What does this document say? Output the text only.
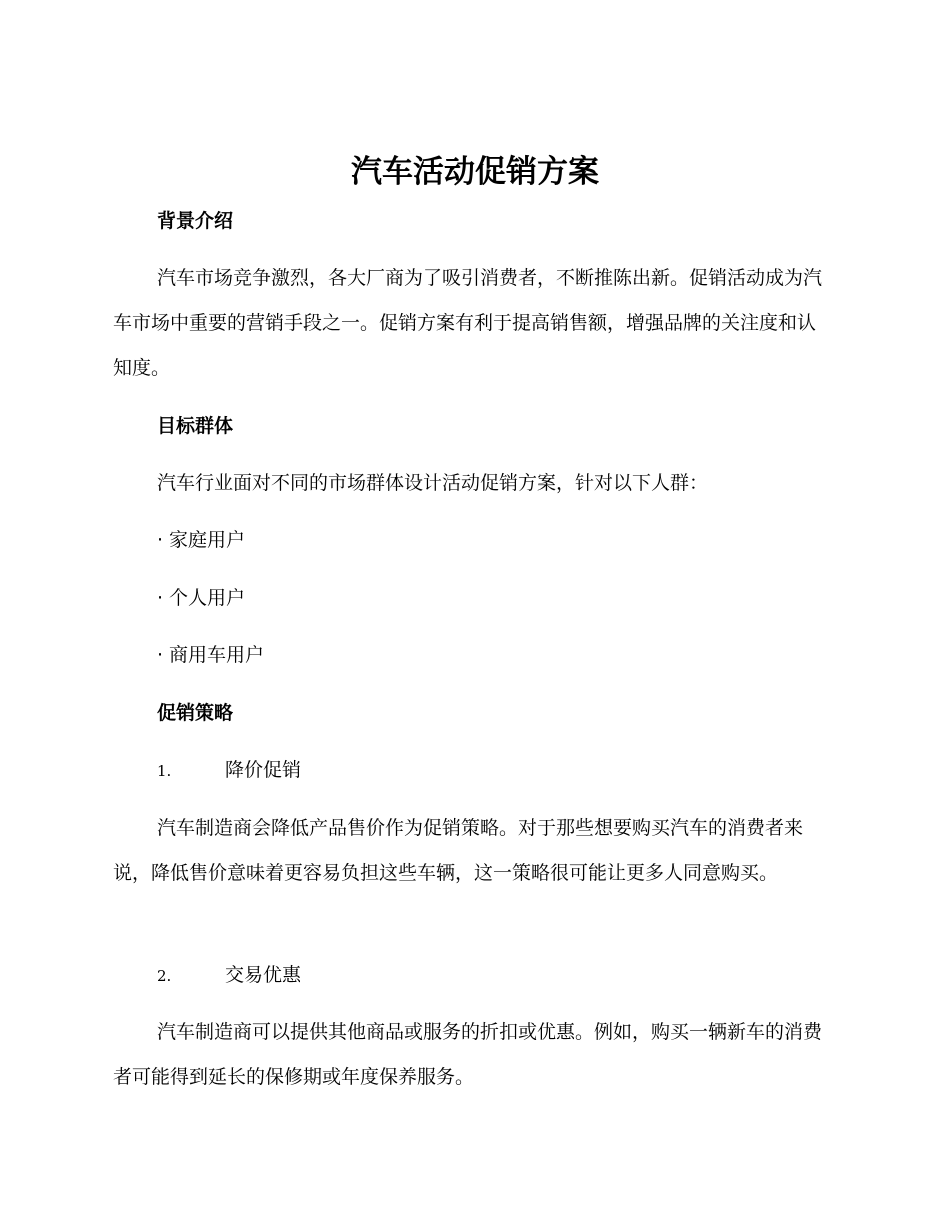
汽车活动促销方案
背景介绍

汽车市场竞争激烈，各大厂商为了吸引消费者，不断推陈出新。促销活动成为汽车市场中重要的营销手段之一。促销方案有利于提高销售额，增强品牌的关注度和认知度。

目标群体

汽车行业面对不同的市场群体设计活动促销方案，针对以下人群：

· 家庭用户

· 个人用户

· 商用车用户

促销策略
1.	降价促销

汽车制造商会降低产品售价作为促销策略。对于那些想要购买汽车的消费者来说，降低售价意味着更容易负担这些车辆，这一策略很可能让更多人同意购买。

2.	交易优惠

汽车制造商可以提供其他商品或服务的折扣或优惠。例如，购买一辆新车的消费者可能得到延长的保修期或年度保养服务。
